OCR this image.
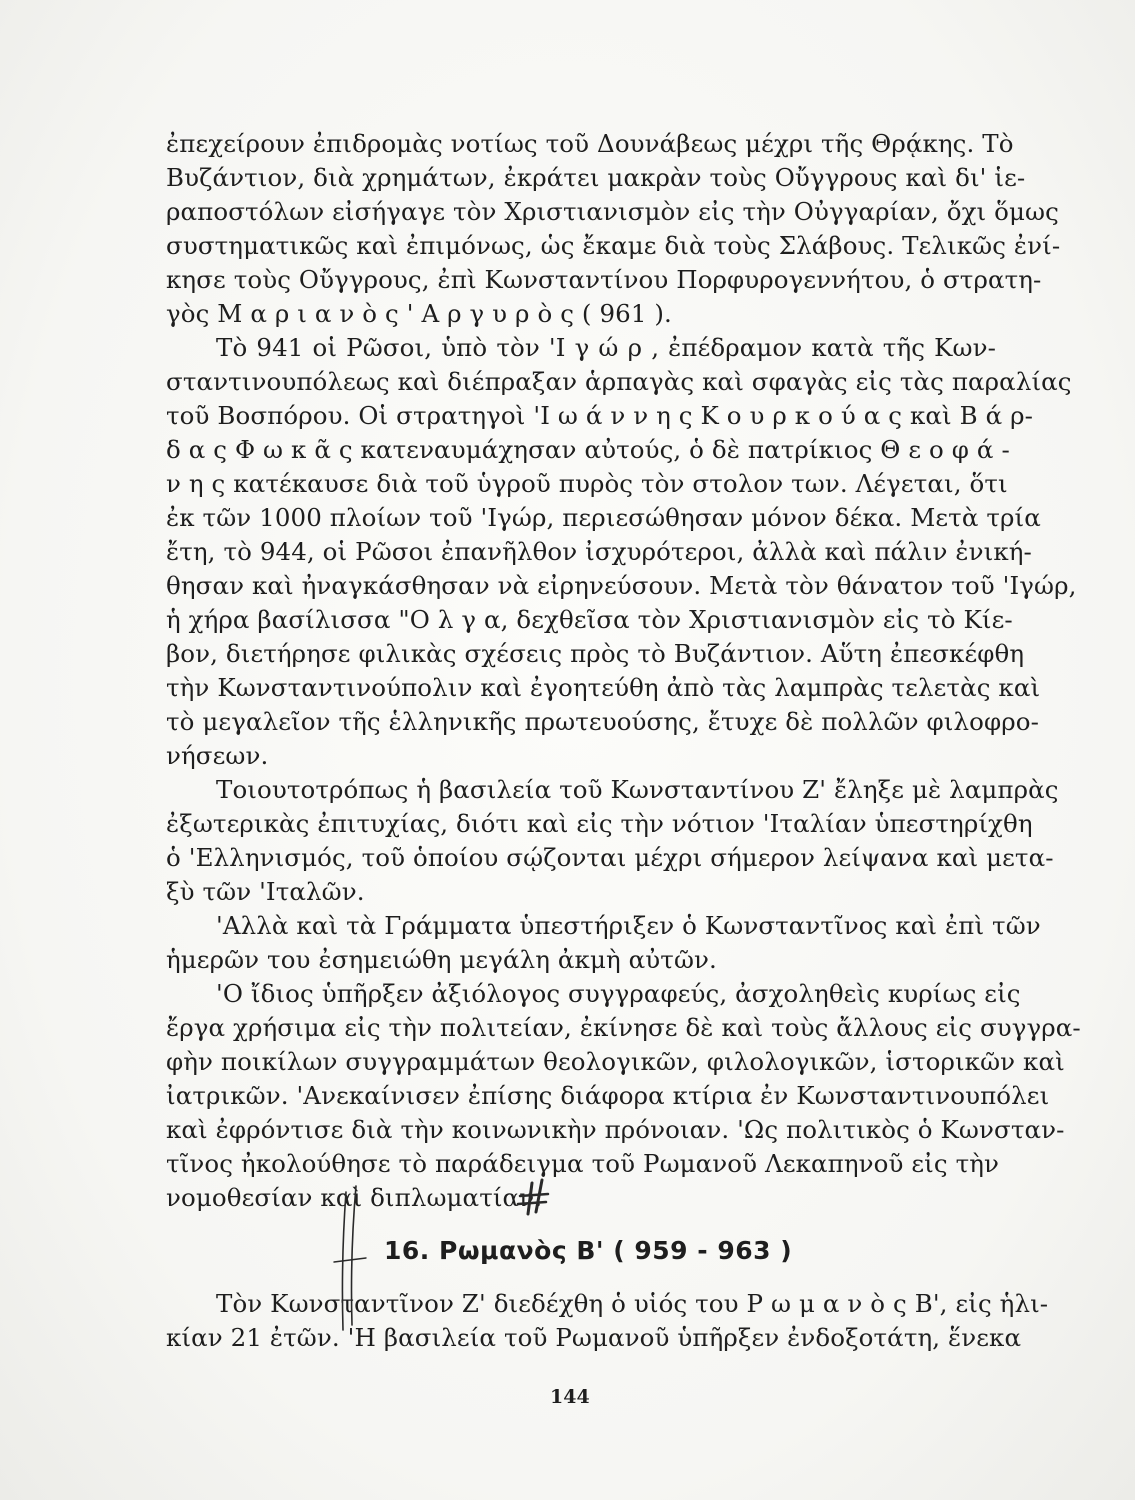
ἐπεχείρουν ἐπιδρομὰς νοτίως τοῦ Δουνάβεως μέχρι τῆς Θρᾴκης. Τὸ
Βυζάντιον, διὰ χρημάτων, ἐκράτει μακρὰν τοὺς Οὔγγρους καὶ δι' ἱε-
ραποστόλων εἰσήγαγε τὸν Χριστιανισμὸν εἰς τὴν Οὐγγαρίαν, ὄχι ὅμως
συστηματικῶς καὶ ἐπιμόνως, ὡς ἔκαμε διὰ τοὺς Σλάβους. Τελικῶς ἐνί-
κησε τοὺς Οὔγγρους, ἐπὶ Κωνσταντίνου Πορφυρογεννήτου, ὁ στρατη-
γὸς Μ α ρ ι α ν ὸ ς ' Α ρ γ υ ρ ὸ ς ( 961 ).
Τὸ 941 οἱ Ρῶσοι, ὑπὸ τὸν 'Ι γ ώ ρ , ἐπέδραμον κατὰ τῆς Κων-
σταντινουπόλεως καὶ διέπραξαν ἁρπαγὰς καὶ σφαγὰς εἰς τὰς παραλίας
τοῦ Βοσπόρου. Οἱ στρατηγοὶ 'Ι ω ά ν ν η ς Κ ο υ ρ κ ο ύ α ς καὶ Β ά ρ-
δ α ς Φ ω κ ᾶ ς κατεναυμάχησαν αὐτούς, ὁ δὲ πατρίκιος Θ ε ο φ ά -
ν η ς κατέκαυσε διὰ τοῦ ὑγροῦ πυρὸς τὸν στολον των. Λέγεται, ὅτι
ἐκ τῶν 1000 πλοίων τοῦ 'Ιγώρ, περιεσώθησαν μόνον δέκα. Μετὰ τρία
ἔτη, τὸ 944, οἱ Ρῶσοι ἐπανῆλθον ἰσχυρότεροι, ἀλλὰ καὶ πάλιν ἐνική-
θησαν καὶ ἠναγκάσθησαν νὰ εἰρηνεύσουν. Μετὰ τὸν θάνατον τοῦ 'Ιγώρ,
ἡ χήρα βασίλισσα "Ο λ γ α, δεχθεῖσα τὸν Χριστιανισμὸν εἰς τὸ Κίε-
βον, διετήρησε φιλικὰς σχέσεις πρὸς τὸ Βυζάντιον. Αὕτη ἐπεσκέφθη
τὴν Κωνσταντινούπολιν καὶ ἐγοητεύθη ἀπὸ τὰς λαμπρὰς τελετὰς καὶ
τὸ μεγαλεῖον τῆς ἑλληνικῆς πρωτευούσης, ἔτυχε δὲ πολλῶν φιλοφρο-
νήσεων.
Τοιουτοτρόπως ἡ βασιλεία τοῦ Κωνσταντίνου Ζ' ἔληξε μὲ λαμπρὰς
ἐξωτερικὰς ἐπιτυχίας, διότι καὶ εἰς τὴν νότιον 'Ιταλίαν ὑπεστηρίχθη
ὁ 'Ελληνισμός, τοῦ ὁποίου σῴζονται μέχρι σήμερον λείψανα καὶ μετα-
ξὺ τῶν 'Ιταλῶν.
'Αλλὰ καὶ τὰ Γράμματα ὑπεστήριξεν ὁ Κωνσταντῖνος καὶ ἐπὶ τῶν
ἡμερῶν του ἐσημειώθη μεγάλη ἀκμὴ αὐτῶν.
'Ο ἴδιος ὑπῆρξεν ἀξιόλογος συγγραφεύς, ἀσχοληθεὶς κυρίως εἰς
ἔργα χρήσιμα εἰς τὴν πολιτείαν, ἐκίνησε δὲ καὶ τοὺς ἄλλους εἰς συγγρα-
φὴν ποικίλων συγγραμμάτων θεολογικῶν, φιλολογικῶν, ἱστορικῶν καὶ
ἰατρικῶν. 'Ανεκαίνισεν ἐπίσης διάφορα κτίρια ἐν Κωνσταντινουπόλει
καὶ ἐφρόντισε διὰ τὴν κοινωνικὴν πρόνοιαν. 'Ως πολιτικὸς ὁ Κωνσταν-
τῖνος ἠκολούθησε τὸ παράδειγμα τοῦ Ρωμανοῦ Λεκαπηνοῦ εἰς τὴν
νομοθεσίαν καὶ διπλωματίαν.
16. Ρωμανὸς Β' ( 959 - 963 )
Τὸν Κωνσταντῖνον Ζ' διεδέχθη ὁ υἱός του Ρ ω μ α ν ὸ ς Β', εἰς ἡλι-
κίαν 21 ἐτῶν. 'Η βασιλεία τοῦ Ρωμανοῦ ὑπῆρξεν ἐνδοξοτάτη, ἕνεκα
144
